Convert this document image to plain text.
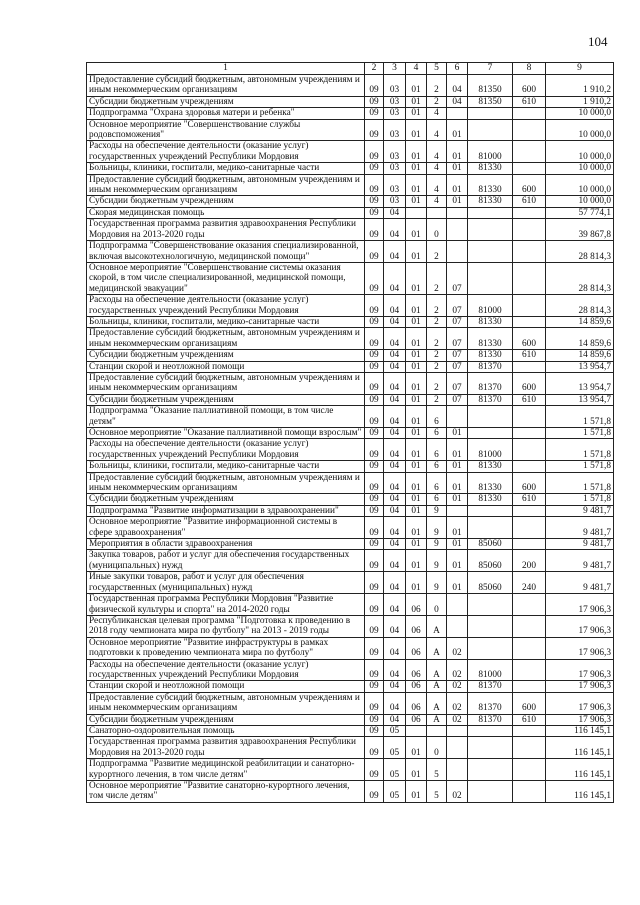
104
1	2	3	4	5	6	7	8	9
Предоставление субсидий бюджетным, автономным учреждениям и иным некоммерческим организациям	09	03	01	2	04	81350	600	1 910,2
Субсидии бюджетным учреждениям	09	03	01	2	04	81350	610	1 910,2
Подпрограмма "Охрана здоровья матери и ребенка"	09	03	01	4				10 000,0
Основное мероприятие "Совершенствование службы родовспоможения"	09	03	01	4	01			10 000,0
Расходы на обеспечение деятельности (оказание услуг) государственных учреждений Республики Мордовия	09	03	01	4	01	81000		10 000,0
Больницы, клиники, госпитали, медико-санитарные части	09	03	01	4	01	81330		10 000,0
Предоставление субсидий бюджетным, автономным учреждениям и иным некоммерческим организациям	09	03	01	4	01	81330	600	10 000,0
Субсидии бюджетным учреждениям	09	03	01	4	01	81330	610	10 000,0
Скорая медицинская помощь	09	04						57 774,1
Государственная программа развития здравоохранения Республики Мордовия на 2013-2020 годы	09	04	01	0				39 867,8
Подпрограмма "Совершенствование оказания специализированной, включая высокотехнологичную, медицинской помощи"	09	04	01	2				28 814,3
Основное мероприятие "Совершенствование системы оказания скорой, в том числе специализированной, медицинской помощи, медицинской эвакуации"	09	04	01	2	07			28 814,3
Расходы на обеспечение деятельности (оказание услуг) государственных учреждений Республики Мордовия	09	04	01	2	07	81000		28 814,3
Больницы, клиники, госпитали, медико-санитарные части	09	04	01	2	07	81330		14 859,6
Предоставление субсидий бюджетным, автономным учреждениям и иным некоммерческим организациям	09	04	01	2	07	81330	600	14 859,6
Субсидии бюджетным учреждениям	09	04	01	2	07	81330	610	14 859,6
Станции скорой и неотложной помощи	09	04	01	2	07	81370		13 954,7
Предоставление субсидий бюджетным, автономным учреждениям и иным некоммерческим организациям	09	04	01	2	07	81370	600	13 954,7
Субсидии бюджетным учреждениям	09	04	01	2	07	81370	610	13 954,7
Подпрограмма "Оказание паллиативной помощи, в том числе детям"	09	04	01	6				1 571,8
Основное мероприятие "Оказание паллиативной помощи взрослым"	09	04	01	6	01			1 571,8
Расходы на обеспечение деятельности (оказание услуг) государственных учреждений Республики Мордовия	09	04	01	6	01	81000		1 571,8
Больницы, клиники, госпитали, медико-санитарные части	09	04	01	6	01	81330		1 571,8
Предоставление субсидий бюджетным, автономным учреждениям и иным некоммерческим организациям	09	04	01	6	01	81330	600	1 571,8
Субсидии бюджетным учреждениям	09	04	01	6	01	81330	610	1 571,8
Подпрограмма "Развитие информатизации в здравоохранении"	09	04	01	9				9 481,7
Основное мероприятие "Развитие информационной системы в сфере здравоохранения"	09	04	01	9	01			9 481,7
Мероприятия в области здравоохранения	09	04	01	9	01	85060		9 481,7
Закупка товаров, работ и услуг для обеспечения государственных (муниципальных) нужд	09	04	01	9	01	85060	200	9 481,7
Иные закупки товаров, работ и услуг для обеспечения государственных (муниципальных) нужд	09	04	01	9	01	85060	240	9 481,7
Государственная программа Республики Мордовия "Развитие физической культуры и спорта" на 2014-2020 годы	09	04	06	0				17 906,3
Республиканская целевая программа "Подготовка к проведению в 2018 году чемпионата мира по футболу" на 2013 - 2019 годы	09	04	06	А				17 906,3
Основное мероприятие "Развитие инфраструктуры в рамках подготовки к проведению чемпионата мира по футболу"	09	04	06	А	02			17 906,3
Расходы на обеспечение деятельности (оказание услуг) государственных учреждений Республики Мордовия	09	04	06	А	02	81000		17 906,3
Станции скорой и неотложной помощи	09	04	06	А	02	81370		17 906,3
Предоставление субсидий бюджетным, автономным учреждениям и иным некоммерческим организациям	09	04	06	А	02	81370	600	17 906,3
Субсидии бюджетным учреждениям	09	04	06	А	02	81370	610	17 906,3
Санаторно-оздоровительная помощь	09	05						116 145,1
Государственная программа развития здравоохранения Республики Мордовия на 2013-2020 годы	09	05	01	0				116 145,1
Подпрограмма "Развитие медицинской реабилитации и санаторно-курортного лечения, в том числе детям"	09	05	01	5				116 145,1
Основное мероприятие "Развитие санаторно-курортного лечения, том числе детям"	09	05	01	5	02			116 145,1
